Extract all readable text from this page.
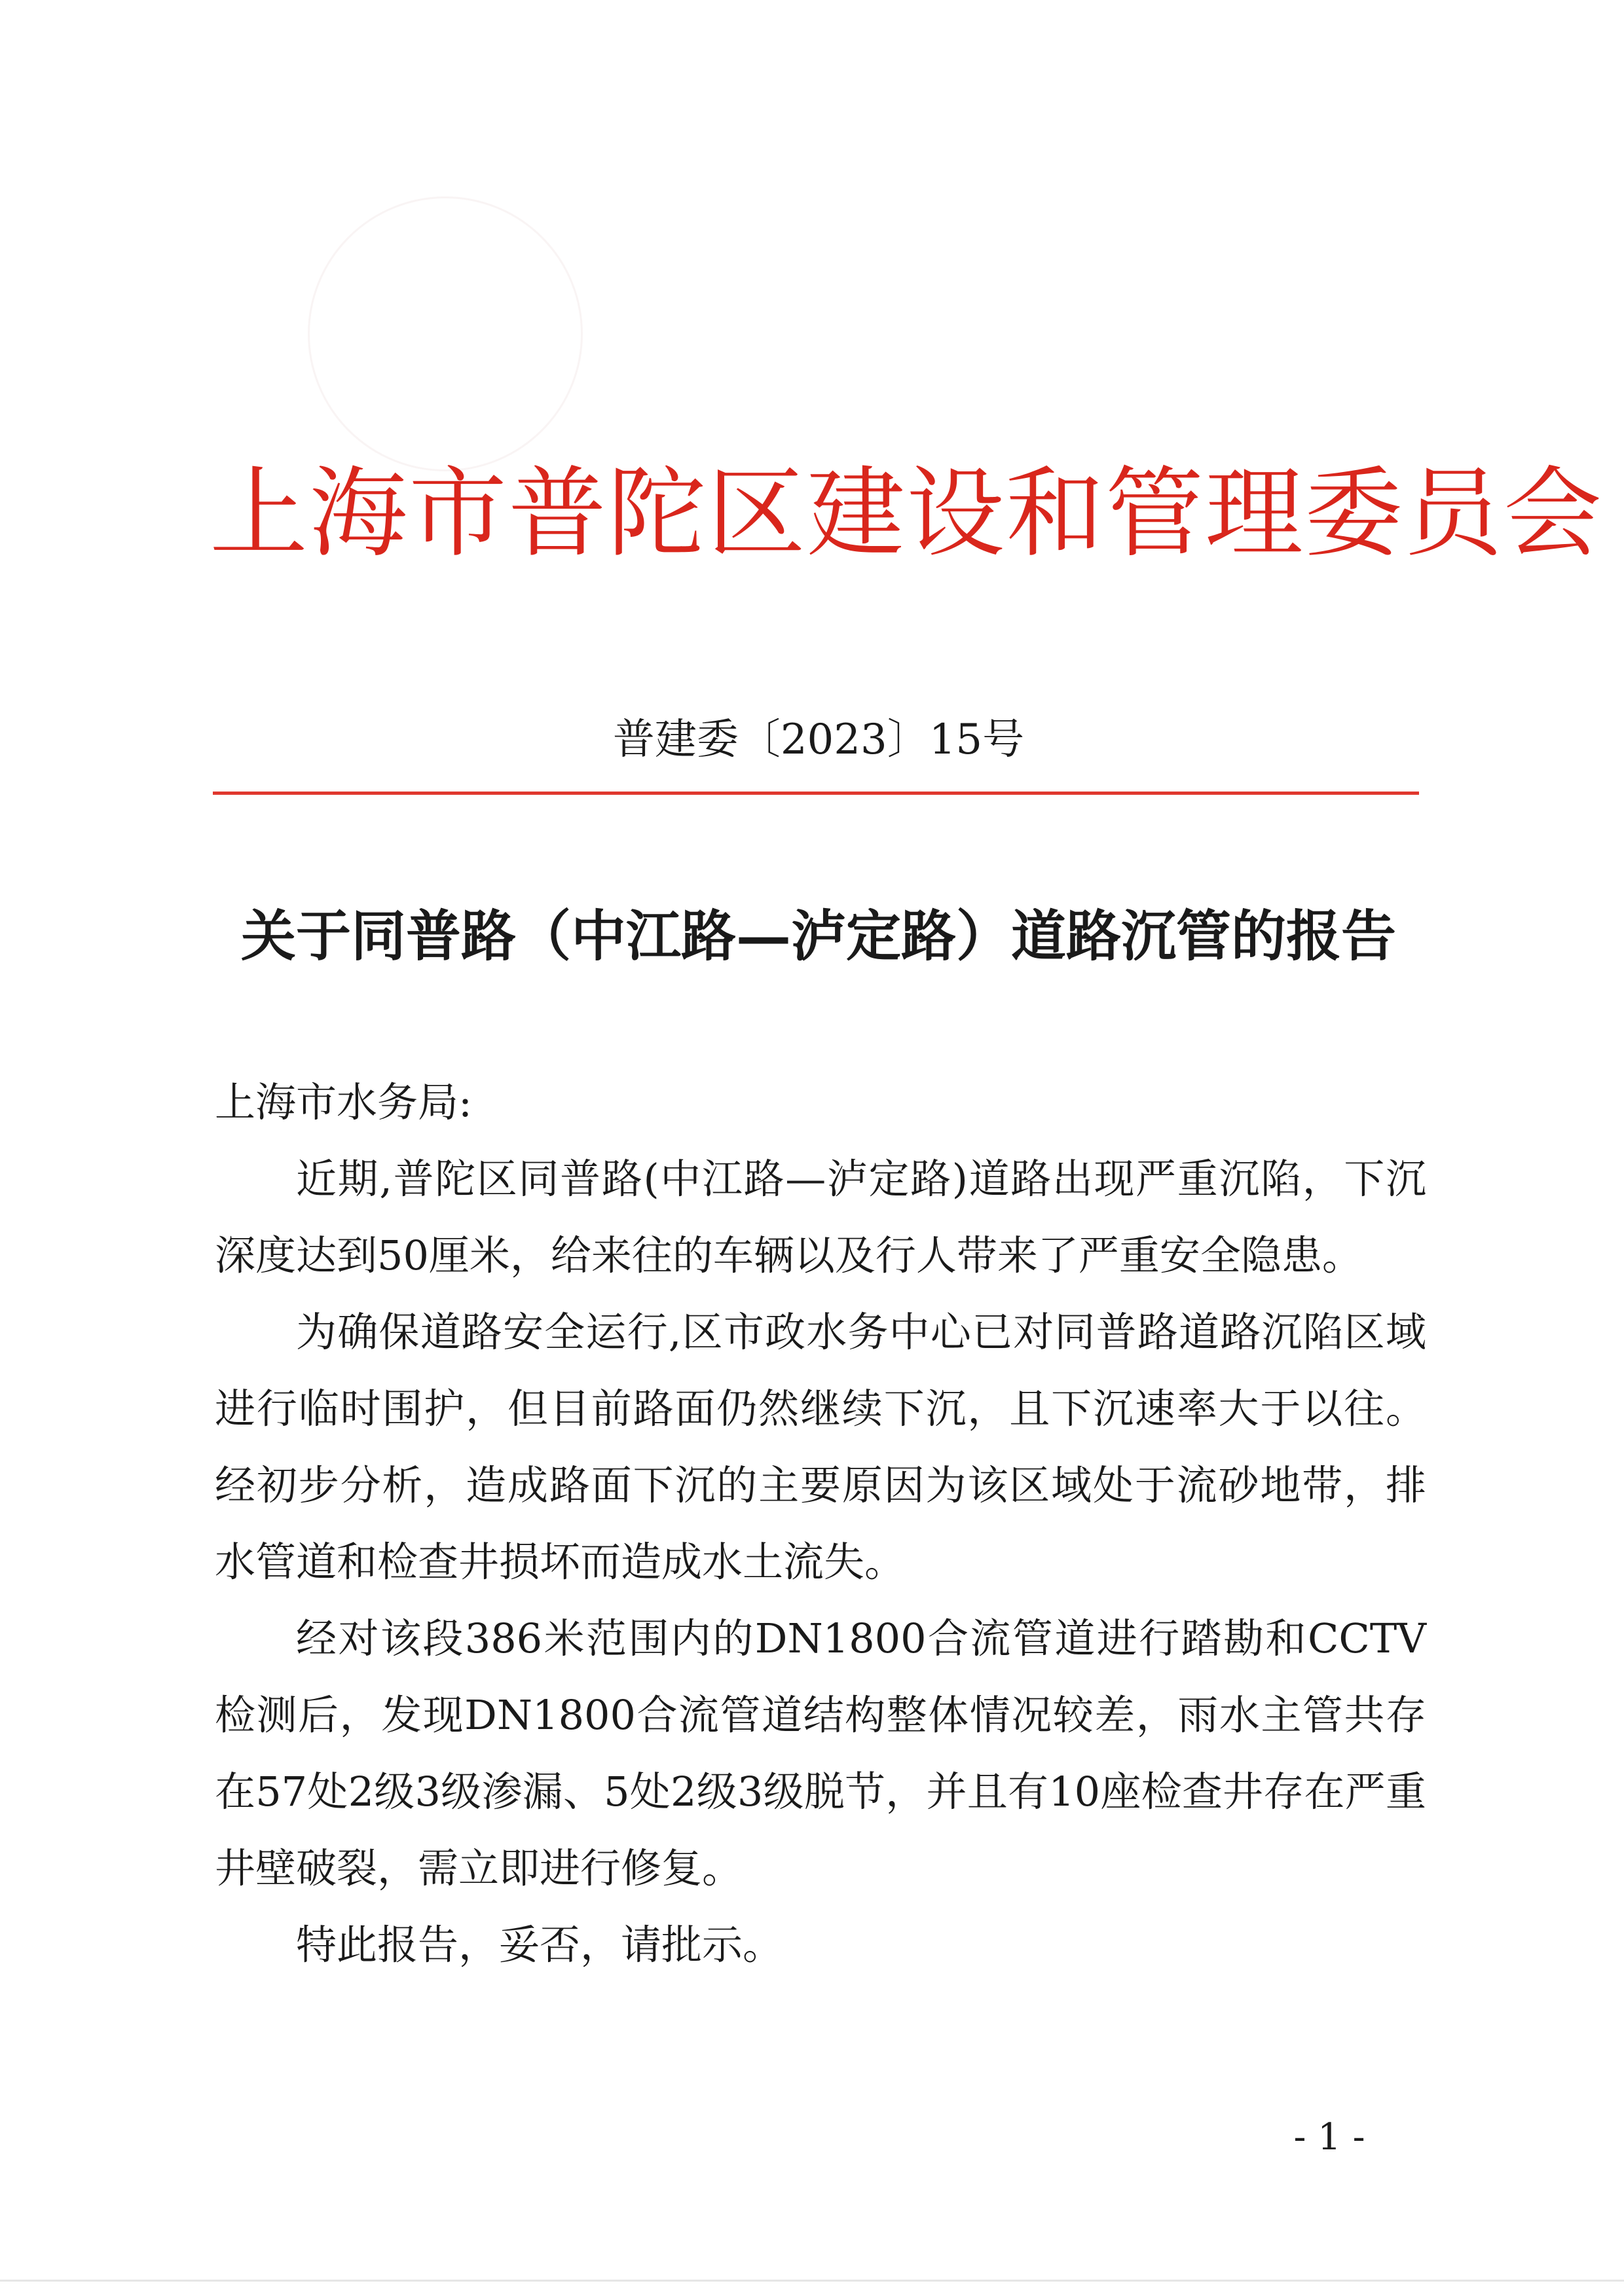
上海市普陀区建设和管理委员会
普建委〔2023〕15号
关于同普路（中江路—泸定路）道路沉管的报告

上海市水务局:

近期,普陀区同普路(中江路—泸定路)道路出现严重沉陷，下沉深度达到50厘米，给来往的车辆以及行人带来了严重安全隐患。

为确保道路安全运行,区市政水务中心已对同普路道路沉陷区域进行临时围护，但目前路面仍然继续下沉，且下沉速率大于以往。经初步分析，造成路面下沉的主要原因为该区域处于流砂地带，排水管道和检查井损坏而造成水土流失。

经对该段386米范围内的DN1800合流管道进行踏勘和CCTV检测后，发现DN1800合流管道结构整体情况较差，雨水主管共存在57处2级3级渗漏、5处2级3级脱节，并且有10座检查井存在严重井壁破裂，需立即进行修复。

特此报告，妥否，请批示。

- 1 -
